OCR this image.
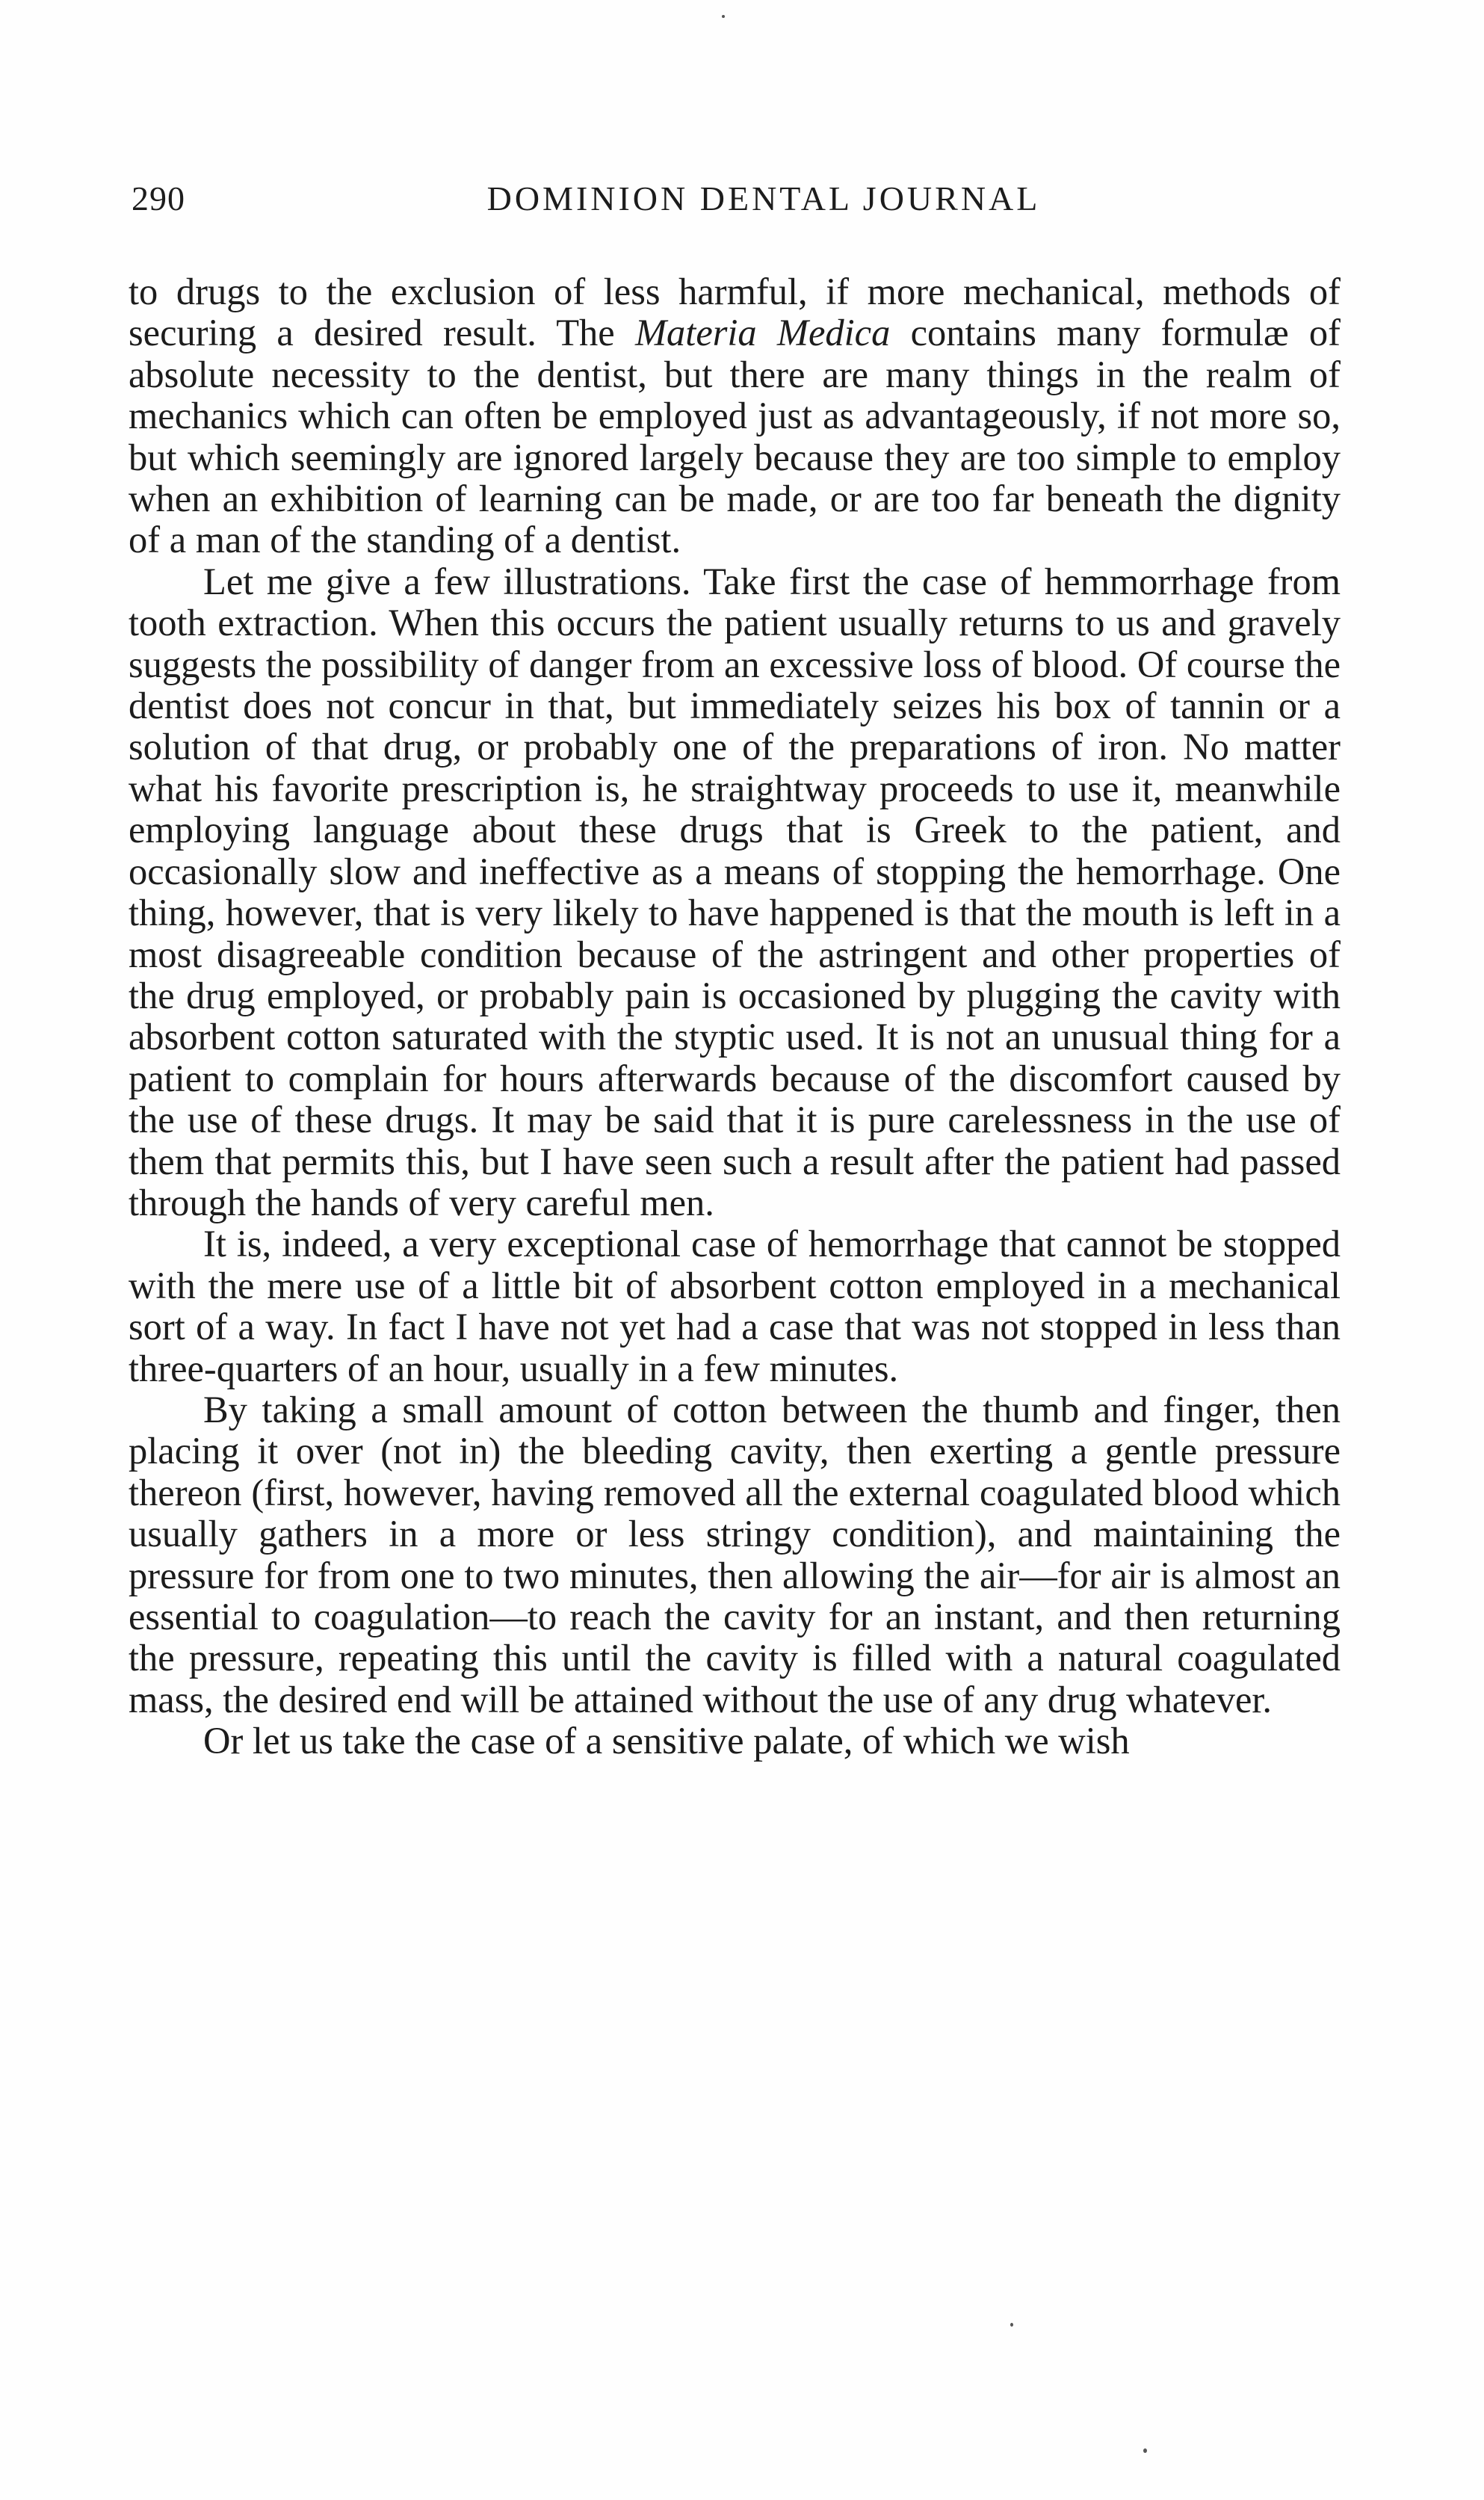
290	DOMINION DENTAL JOURNAL

to drugs to the exclusion of less harmful, if more mechanical, methods of securing a desired result. The Materia Medica contains many formulæ of absolute necessity to the dentist, but there are many things in the realm of mechanics which can often be employed just as advantageously, if not more so, but which seemingly are ignored largely because they are too simple to employ when an exhibition of learning can be made, or are too far beneath the dignity of a man of the standing of a dentist.

Let me give a few illustrations. Take first the case of hemmorrhage from tooth extraction. When this occurs the patient usually returns to us and gravely suggests the possibility of danger from an excessive loss of blood. Of course the dentist does not concur in that, but immediately seizes his box of tannin or a solution of that drug, or probably one of the preparations of iron. No matter what his favorite prescription is, he straightway proceeds to use it, meanwhile employing language about these drugs that is Greek to the patient, and occasionally slow and ineffective as a means of stopping the hemorrhage. One thing, however, that is very likely to have happened is that the mouth is left in a most disagreeable condition because of the astringent and other properties of the drug employed, or probably pain is occasioned by plugging the cavity with absorbent cotton saturated with the styptic used. It is not an unusual thing for a patient to complain for hours afterwards because of the discomfort caused by the use of these drugs. It may be said that it is pure carelessness in the use of them that permits this, but I have seen such a result after the patient had passed through the hands of very careful men.

It is, indeed, a very exceptional case of hemorrhage that cannot be stopped with the mere use of a little bit of absorbent cotton employed in a mechanical sort of a way. In fact I have not yet had a case that was not stopped in less than three-quarters of an hour, usually in a few minutes.

By taking a small amount of cotton between the thumb and finger, then placing it over (not in) the bleeding cavity, then exerting a gentle pressure thereon (first, however, having removed all the external coagulated blood which usually gathers in a more or less stringy condition), and maintaining the pressure for from one to two minutes, then allowing the air—for air is almost an essential to coagulation—to reach the cavity for an instant, and then returning the pressure, repeating this until the cavity is filled with a natural coagulated mass, the desired end will be attained without the use of any drug whatever.

Or let us take the case of a sensitive palate, of which we wish
